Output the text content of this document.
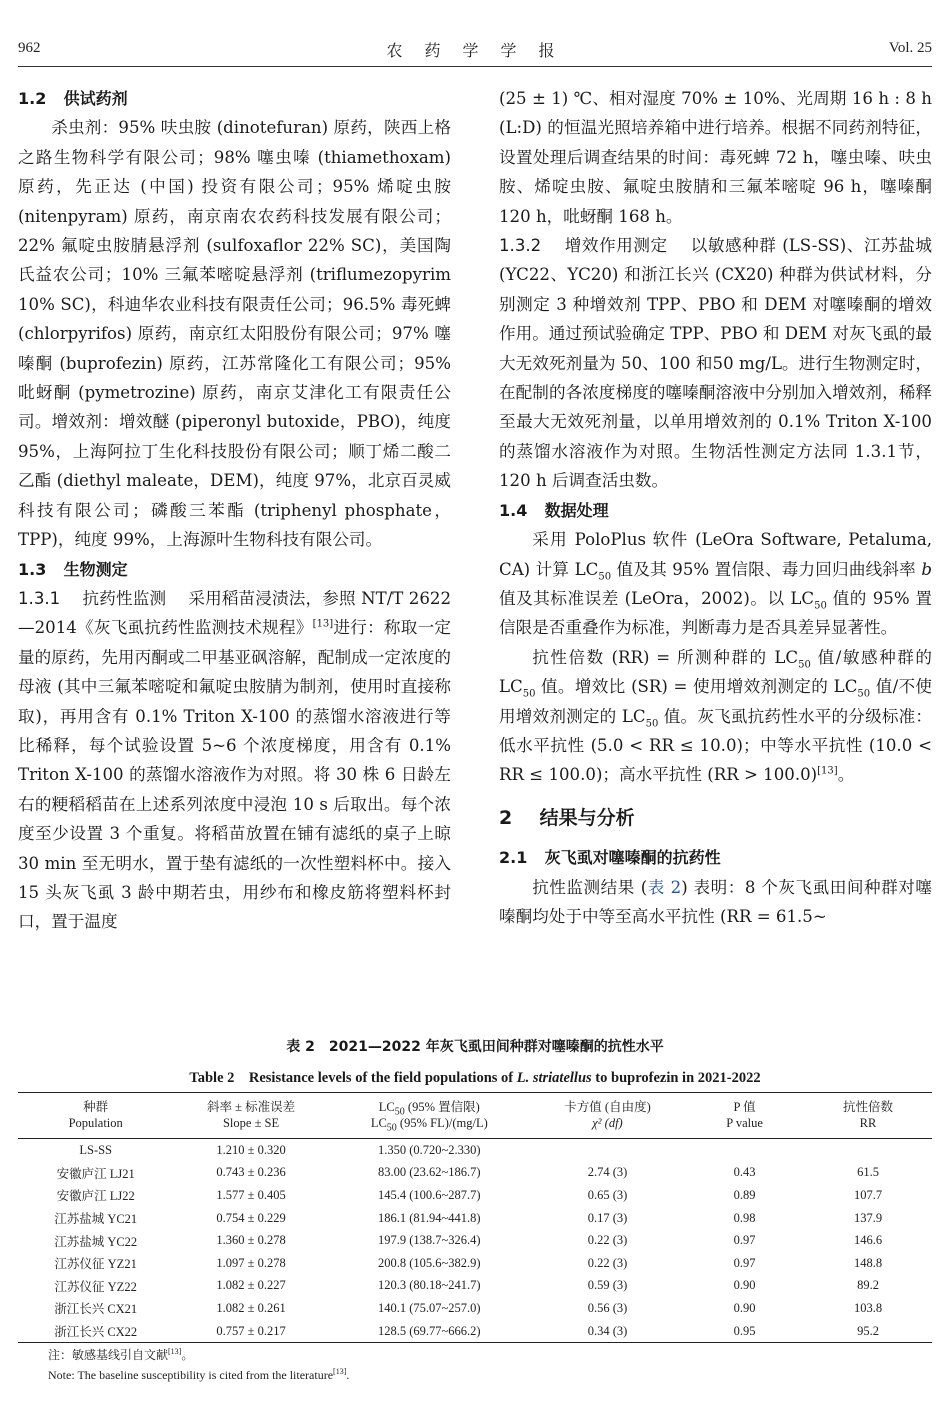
962	农 药 学 学 报	Vol. 25

1.2 供试药剂

杀虫剂：95% 呋虫胺 (dinotefuran) 原药，陕西上格之路生物科学有限公司；98% 噻虫嗪 (thiamethoxam) 原药，先正达 (中国) 投资有限公司；95% 烯啶虫胺 (nitenpyram) 原药，南京南农农药科技发展有限公司；22% 氟啶虫胺腈悬浮剂 (sulfoxaflor 22% SC)，美国陶氏益农公司；10% 三氟苯嘧啶悬浮剂 (triflumezopyrim 10% SC)，科迪华农业科技有限责任公司；96.5% 毒死蜱 (chlorpyrifos) 原药，南京红太阳股份有限公司；97% 噻嗪酮 (buprofezin) 原药，江苏常隆化工有限公司；95% 吡蚜酮 (pymetrozine) 原药，南京艾津化工有限责任公司。增效剂：增效醚 (piperonyl butoxide，PBO)，纯度 95%，上海阿拉丁生化科技股份有限公司；顺丁烯二酸二乙酯 (diethyl maleate，DEM)，纯度 97%，北京百灵威科技有限公司；磷酸三苯酯 (triphenyl phosphate，TPP)，纯度 99%，上海源叶生物科技有限公司。

1.3 生物测定

1.3.1　 抗药性监测　 采用稻苗浸渍法，参照 NT/T 2622—2014《灰飞虱抗药性监测技术规程》[13]进行：称取一定量的原药，先用丙酮或二甲基亚砜溶解，配制成一定浓度的母液 (其中三氟苯嘧啶和氟啶虫胺腈为制剂，使用时直接称取)，再用含有 0.1% Triton X-100 的蒸馏水溶液进行等比稀释，每个试验设置 5~6 个浓度梯度，用含有 0.1% Triton X-100 的蒸馏水溶液作为对照。将 30 株 6 日龄左右的粳稻稻苗在上述系列浓度中浸泡 10 s 后取出。每个浓度至少设置 3 个重复。将稻苗放置在铺有滤纸的桌子上晾 30 min 至无明水，置于垫有滤纸的一次性塑料杯中。接入 15 头灰飞虱 3 龄中期若虫，用纱布和橡皮筋将塑料杯封口，置于温度

(25 ± 1) ℃、相对湿度 70% ± 10%、光周期 16 h : 8 h (L:D) 的恒温光照培养箱中进行培养。根据不同药剂特征，设置处理后调查结果的时间：毒死蜱 72 h，噻虫嗪、呋虫胺、烯啶虫胺、氟啶虫胺腈和三氟苯嘧啶 96 h，噻嗪酮 120 h，吡蚜酮 168 h。

1.3.2　 增效作用测定　 以敏感种群 (LS-SS)、江苏盐城 (YC22、YC20) 和浙江长兴 (CX20) 种群为供试材料，分别测定 3 种增效剂 TPP、PBO 和 DEM 对噻嗪酮的增效作用。通过预试验确定 TPP、PBO 和 DEM 对灰飞虱的最大无效死剂量为 50、100 和50 mg/L。进行生物测定时，在配制的各浓度梯度的噻嗪酮溶液中分别加入增效剂，稀释至最大无效死剂量，以单用增效剂的 0.1% Triton X-100 的蒸馏水溶液作为对照。生物活性测定方法同 1.3.1节，120 h 后调查活虫数。

1.4 数据处理

采用 PoloPlus 软件 (LeOra Software, Petaluma, CA) 计算 $LC_{50}$ 值及其 95% 置信限、毒力回归曲线斜率 b 值及其标准误差 (LeOra，2002)。以 $LC_{50}$ 值的 95% 置信限是否重叠作为标准，判断毒力是否具差异显著性。

抗性倍数 (RR) = 所测种群的 $LC_{50}$ 值/敏感种群的 $LC_{50}$ 值。增效比 (SR) = 使用增效剂测定的 $LC_{50}$ 值/不使用增效剂测定的 $LC_{50}$ 值。灰飞虱抗药性水平的分级标准：低水平抗性 (5.0 < RR ≤ 10.0)；中等水平抗性 (10.0 < RR ≤ 100.0)；高水平抗性 (RR > 100.0)[13]。

2 结果与分析

2.1 灰飞虱对噻嗪酮的抗药性

抗性监测结果 (表 2) 表明：8 个灰飞虱田间种群对噻嗪酮均处于中等至高水平抗性 (RR = 61.5~

表 2　2021—2022 年灰飞虱田间种群对噻嗪酮的抗性水平
Table 2　Resistance levels of the field populations of L. striatellus to buprofezin in 2021-2022
种群
Population	斜率 ± 标准误差
Slope ± SE	$LC_{50}$ (95% 置信限)
$LC_{50}$ (95% FL)/(mg/L)	卡方值 (自由度)
χ² (df)	P 值
P value	抗性倍数
RR
LS-SS	1.210 ± 0.320	1.350 (0.720~2.330)			
安徽庐江 LJ21	0.743 ± 0.236	83.00 (23.62~186.7)	2.74 (3)	0.43	61.5
安徽庐江 LJ22	1.577 ± 0.405	145.4 (100.6~287.7)	0.65 (3)	0.89	107.7
江苏盐城 YC21	0.754 ± 0.229	186.1 (81.94~441.8)	0.17 (3)	0.98	137.9
江苏盐城 YC22	1.360 ± 0.278	197.9 (138.7~326.4)	0.22 (3)	0.97	146.6
江苏仪征 YZ21	1.097 ± 0.278	200.8 (105.6~382.9)	0.22 (3)	0.97	148.8
江苏仪征 YZ22	1.082 ± 0.227	120.3 (80.18~241.7)	0.59 (3)	0.90	89.2
浙江长兴 CX21	1.082 ± 0.261	140.1 (75.07~257.0)	0.56 (3)	0.90	103.8
浙江长兴 CX22	0.757 ± 0.217	128.5 (69.77~666.2)	0.34 (3)	0.95	95.2
注：敏感基线引自文献[13]。
Note: The baseline susceptibility is cited from the literature[13].
